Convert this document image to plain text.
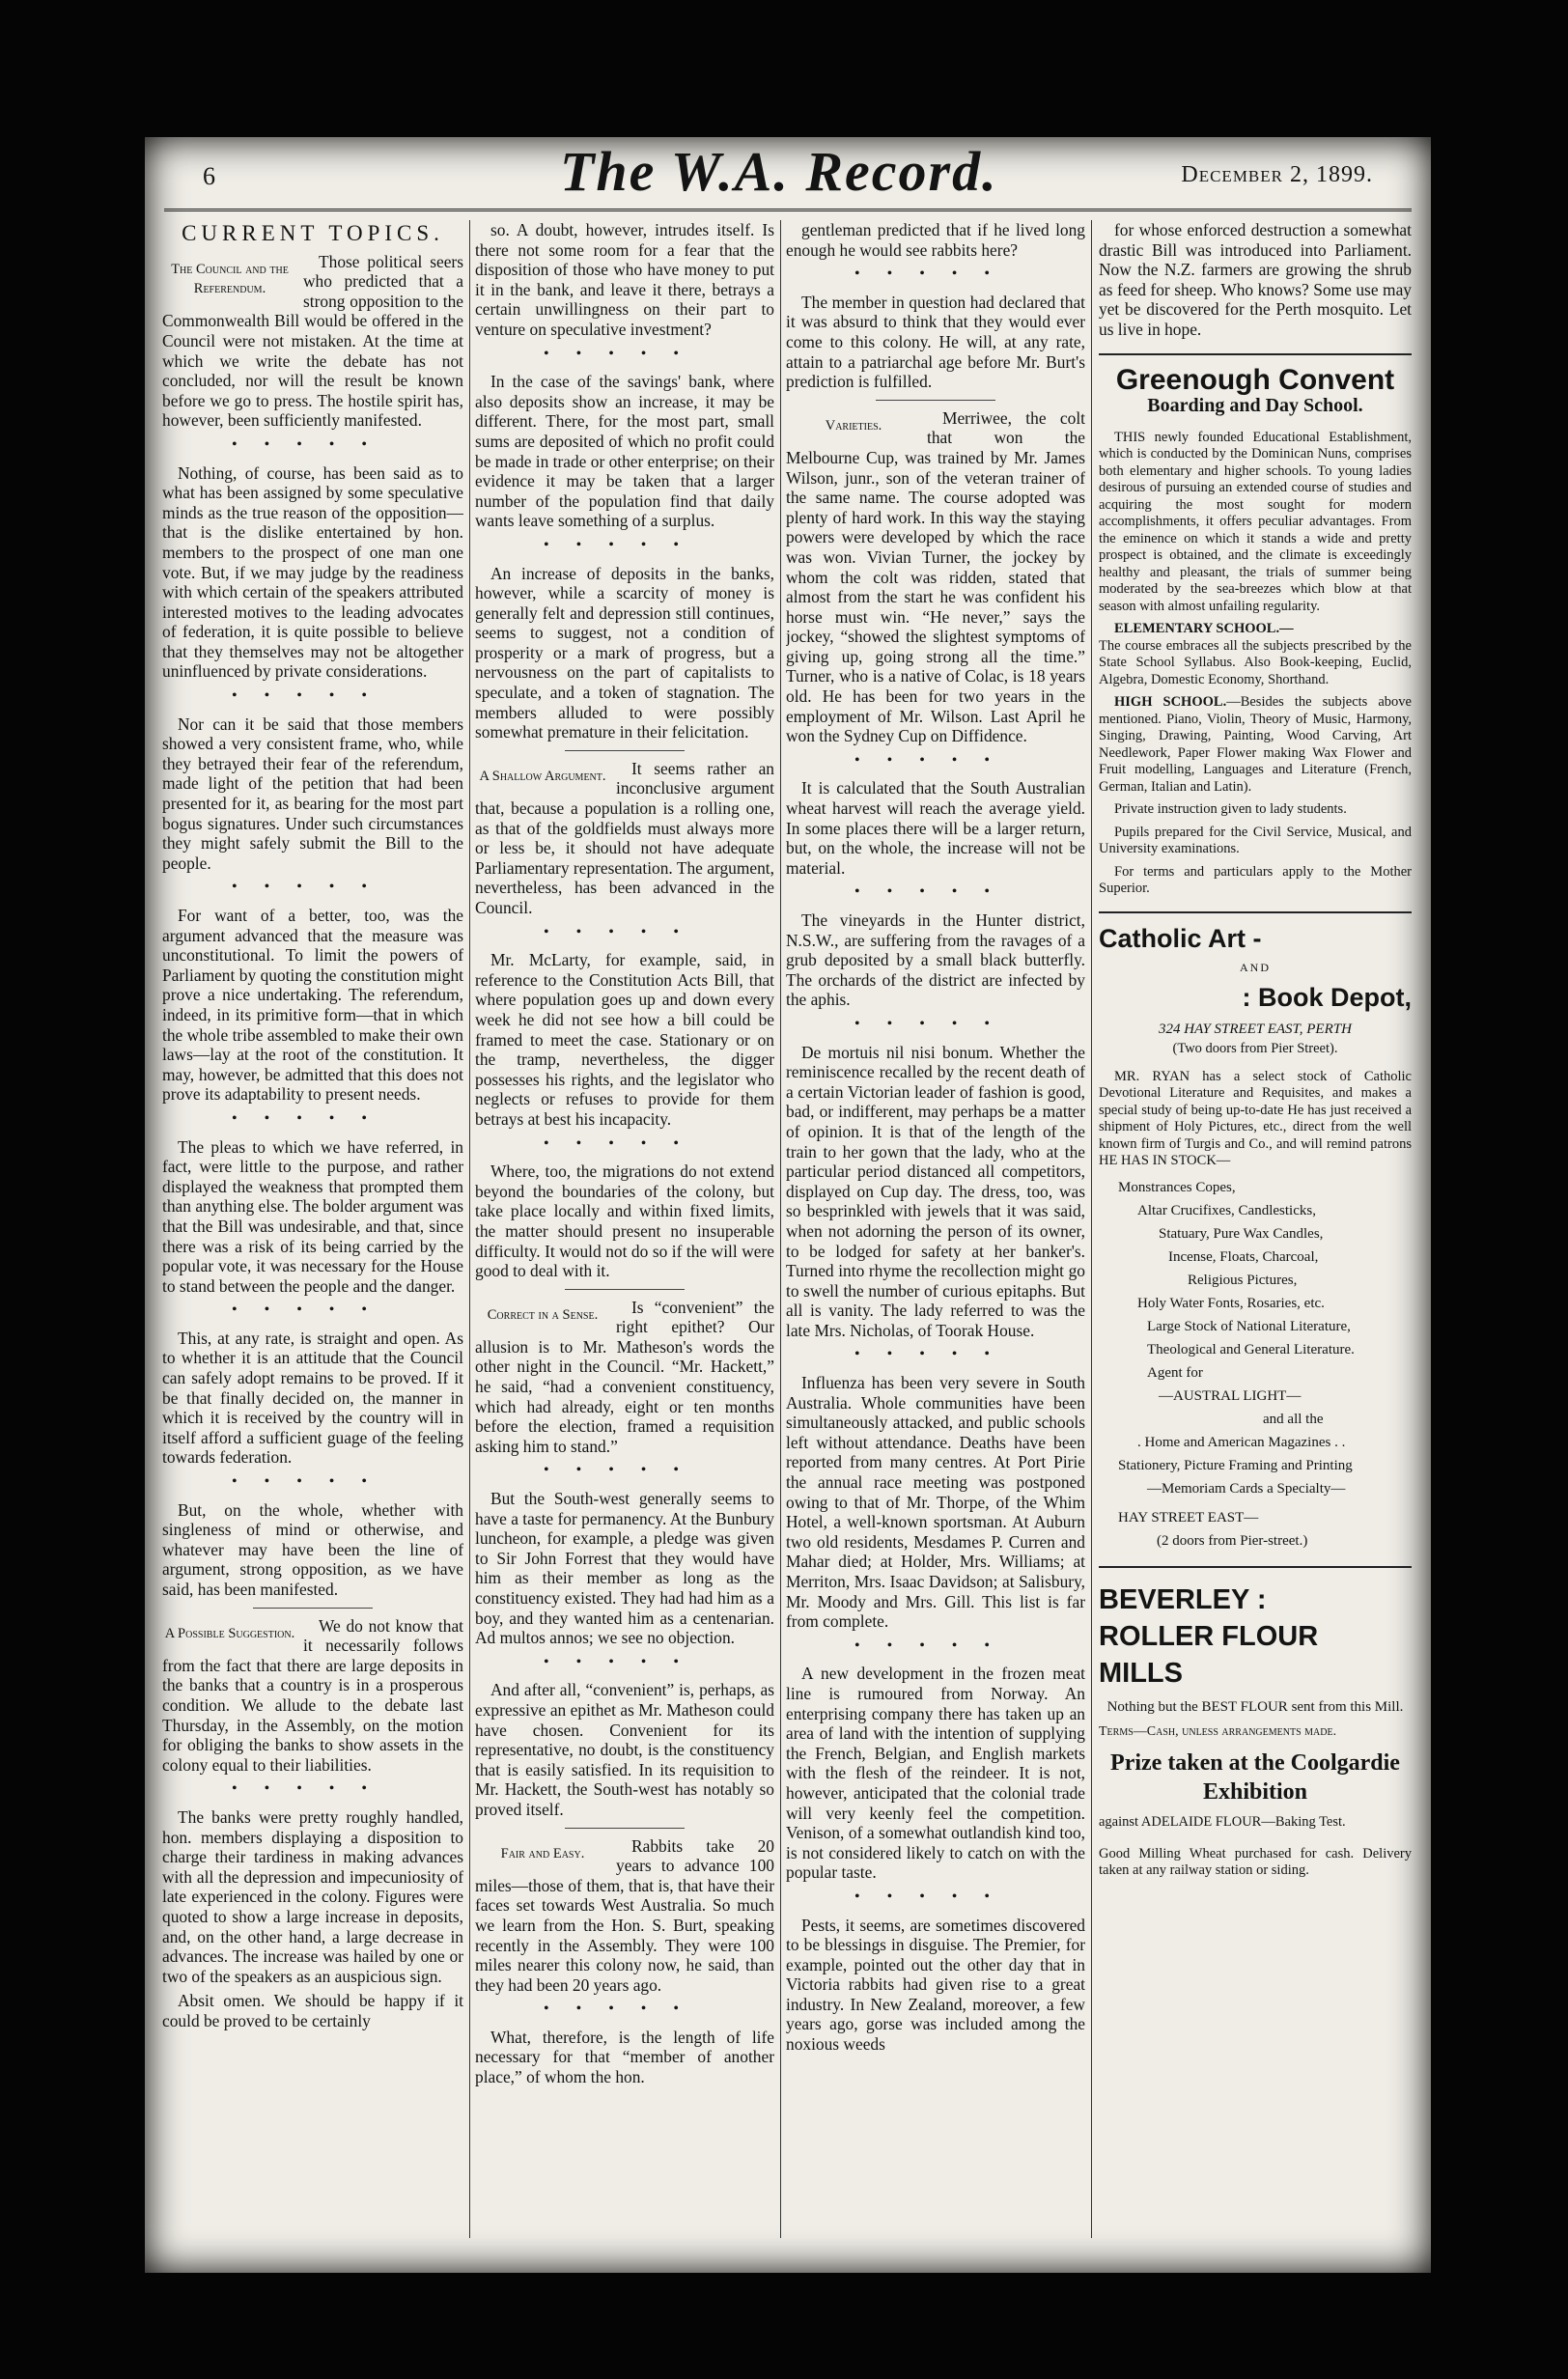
6	The W.A. Record.	December 2, 1899.
CURRENT TOPICS.
The Council and the Referendum.

Those political seers who predicted that a strong opposition to the Commonwealth Bill would be offered in the Council were not mistaken. At the time at which we write the debate has not concluded, nor will the result be known before we go to press. The hostile spirit has, however, been sufficiently manifested.

•••••

Nothing, of course, has been said as to what has been assigned by some speculative minds as the true reason of the opposition—that is the dislike entertained by hon. members to the prospect of one man one vote. But, if we may judge by the readiness with which certain of the speakers attributed interested motives to the leading advocates of federation, it is quite possible to believe that they themselves may not be altogether uninfluenced by private considerations.

•••••

Nor can it be said that those members showed a very consistent frame, who, while they betrayed their fear of the referendum, made light of the petition that had been presented for it, as bearing for the most part bogus signatures. Under such circumstances they might safely submit the Bill to the people.

•••••

For want of a better, too, was the argument advanced that the measure was unconstitutional. To limit the powers of Parliament by quoting the constitution might prove a nice undertaking. The referendum, indeed, in its primitive form—that in which the whole tribe assembled to make their own laws—lay at the root of the constitution. It may, however, be admitted that this does not prove its adaptability to present needs.

•••••

The pleas to which we have referred, in fact, were little to the purpose, and rather displayed the weakness that prompted them than anything else. The bolder argument was that the Bill was undesirable, and that, since there was a risk of its being carried by the popular vote, it was necessary for the House to stand between the people and the danger.

•••••

This, at any rate, is straight and open. As to whether it is an attitude that the Council can safely adopt remains to be proved. If it be that finally decided on, the manner in which it is received by the country will in itself afford a sufficient guage of the feeling towards federation.

•••••

But, on the whole, whether with singleness of mind or otherwise, and whatever may have been the line of argument, strong opposition, as we have said, has been manifested.

A Possible Suggestion.	We do not know that it necessarily follows from the fact that there are large deposits in the banks that a country is in a prosperous condition. We allude to the debate last Thursday, in the Assembly, on the motion for obliging the banks to show assets in the colony equal to their liabilities.

•••••

The banks were pretty roughly handled, hon. members displaying a disposition to charge their tardiness in making advances with all the depression and impecuniosity of late experienced in the colony. Figures were quoted to show a large increase in deposits, and, on the other hand, a large decrease in advances. The increase was hailed by one or two of the speakers as an auspicious sign.

Absit omen. We should be happy if it could be proved to be certainly

so. A doubt, however, intrudes itself. Is there not some room for a fear that the disposition of those who have money to put it in the bank, and leave it there, betrays a certain unwillingness on their part to venture on speculative investment?

•••••

In the case of the savings' bank, where also deposits show an increase, it may be different. There, for the most part, small sums are deposited of which no profit could be made in trade or other enterprise; on their evidence it may be taken that a larger number of the population find that daily wants leave something of a surplus.

•••••

An increase of deposits in the banks, however, while a scarcity of money is generally felt and depression still continues, seems to suggest, not a condition of prosperity or a mark of progress, but a nervousness on the part of capitalists to speculate, and a token of stagnation. The members alluded to were possibly somewhat premature in their felicitation.

A Shallow Argument.	It seems rather an inconclusive argument that, because a population is a rolling one, as that of the goldfields must always more or less be, it should not have adequate Parliamentary representation. The argument, nevertheless, has been advanced in the Council.

•••••

Mr. McLarty, for example, said, in reference to the Constitution Acts Bill, that where population goes up and down every week he did not see how a bill could be framed to meet the case. Stationary or on the tramp, nevertheless, the digger possesses his rights, and the legislator who neglects or refuses to provide for them betrays at best his incapacity.

•••••

Where, too, the migrations do not extend beyond the boundaries of the colony, but take place locally and within fixed limits, the matter should present no insuperable difficulty. It would not do so if the will were good to deal with it.

Correct in a Sense.	Is “convenient” the right epithet? Our allusion is to Mr. Matheson's words the other night in the Council. “Mr. Hackett,” he said, “had a convenient constituency, which had already, eight or ten months before the election, framed a requisition asking him to stand.”

•••••

But the South-west generally seems to have a taste for permanency. At the Bunbury luncheon, for example, a pledge was given to Sir John Forrest that they would have him as their member as long as the constituency existed. They had had him as a boy, and they wanted him as a centenarian. Ad multos annos; we see no objection.

•••••

And after all, “convenient” is, perhaps, as expressive an epithet as Mr. Matheson could have chosen. Convenient for its representative, no doubt, is the constituency that is easily satisfied. In its requisition to Mr. Hackett, the South-west has notably so proved itself.

Fair and Easy.	Rabbits take 20 years to advance 100 miles—those of them, that is, that have their faces set towards West Australia. So much we learn from the Hon. S. Burt, speaking recently in the Assembly. They were 100 miles nearer this colony now, he said, than they had been 20 years ago.

•••••

What, therefore, is the length of life necessary for that “member of another place,” of whom the hon.

gentleman predicted that if he lived long enough he would see rabbits here?

•••••

The member in question had declared that it was absurd to think that they would ever come to this colony. He will, at any rate, attain to a patriarchal age before Mr. Burt's prediction is fulfilled.

Varieties.	Merriwee, the colt that won the Melbourne Cup, was trained by Mr. James Wilson, junr., son of the veteran trainer of the same name. The course adopted was plenty of hard work. In this way the staying powers were developed by which the race was won. Vivian Turner, the jockey by whom the colt was ridden, stated that almost from the start he was confident his horse must win. “He never,” says the jockey, “showed the slightest symptoms of giving up, going strong all the time.” Turner, who is a native of Colac, is 18 years old. He has been for two years in the employment of Mr. Wilson. Last April he won the Sydney Cup on Diffidence.

•••••

It is calculated that the South Australian wheat harvest will reach the average yield. In some places there will be a larger return, but, on the whole, the increase will not be material.

•••••

The vineyards in the Hunter district, N.S.W., are suffering from the ravages of a grub deposited by a small black butterfly. The orchards of the district are infected by the aphis.

•••••

De mortuis nil nisi bonum. Whether the reminiscence recalled by the recent death of a certain Victorian leader of fashion is good, bad, or indifferent, may perhaps be a matter of opinion. It is that of the length of the train to her gown that the lady, who at the particular period distanced all competitors, displayed on Cup day. The dress, too, was so besprinkled with jewels that it was said, when not adorning the person of its owner, to be lodged for safety at her banker's. Turned into rhyme the recollection might go to swell the number of curious epitaphs. But all is vanity. The lady referred to was the late Mrs. Nicholas, of Toorak House.

•••••

Influenza has been very severe in South Australia. Whole communities have been simultaneously attacked, and public schools left without attendance. Deaths have been reported from many centres. At Port Pirie the annual race meeting was postponed owing to that of Mr. Thorpe, of the Whim Hotel, a well-known sportsman. At Auburn two old residents, Mesdames P. Curren and Mahar died; at Holder, Mrs. Williams; at Merriton, Mrs. Isaac Davidson; at Salisbury, Mr. Moody and Mrs. Gill. This list is far from complete.

•••••

A new development in the frozen meat line is rumoured from Norway. An enterprising company there has taken up an area of land with the intention of supplying the French, Belgian, and English markets with the flesh of the reindeer. It is not, however, anticipated that the colonial trade will very keenly feel the competition. Venison, of a somewhat outlandish kind too, is not considered likely to catch on with the popular taste.

•••••

Pests, it seems, are sometimes discovered to be blessings in disguise. The Premier, for example, pointed out the other day that in Victoria rabbits had given rise to a great industry. In New Zealand, moreover, a few years ago, gorse was included among the noxious weeds

for whose enforced destruction a somewhat drastic Bill was introduced into Parliament. Now the N.Z. farmers are growing the shrub as feed for sheep. Who knows? Some use may yet be discovered for the Perth mosquito. Let us live in hope.

Greenough Convent
Boarding and Day School.

THIS newly founded Educational Establishment, which is conducted by the Dominican Nuns, comprises both elementary and higher schools. To young ladies desirous of pursuing an extended course of studies and acquiring the most sought for modern accomplishments, it offers peculiar advantages. From the eminence on which it stands a wide and pretty prospect is obtained, and the climate is exceedingly healthy and pleasant, the trials of summer being moderated by the sea-breezes which blow at that season with almost unfailing regularity.

ELEMENTARY SCHOOL.—
The course embraces all the subjects prescribed by the State School Syllabus. Also Book-keeping, Euclid, Algebra, Domestic Economy, Shorthand.

HIGH SCHOOL.—Besides the subjects above mentioned. Piano, Violin, Theory of Music, Harmony, Singing, Drawing, Painting, Wood Carving, Art Needlework, Paper Flower making Wax Flower and Fruit modelling, Languages and Literature (French, German, Italian and Latin).

Private instruction given to lady students.

Pupils prepared for the Civil Service, Musical, and University examinations.

For terms and particulars apply to the Mother Superior.

Catholic Art -
AND
: Book Depot,
324 HAY STREET EAST, PERTH
(Two doors from Pier Street).

MR. RYAN has a select stock of Catholic Devotional Literature and Requisites, and makes a special study of being up-to-date He has just received a shipment of Holy Pictures, etc., direct from the well known firm of Turgis and Co., and will remind patrons HE HAS IN STOCK—

Monstrances Copes,
Altar Crucifixes, Candlesticks,
Statuary, Pure Wax Candles,
Incense, Floats, Charcoal,
Religious Pictures,
Holy Water Fonts, Rosaries, etc.
Large Stock of National Literature,
Theological and General Literature.
Agent for
—AUSTRAL LIGHT—
and all the
. Home and American Magazines . .
Stationery, Picture Framing and Printing
—Memoriam Cards a Specialty—
HAY STREET EAST—
(2 doors from Pier-street.)
BEVERLEY :
ROLLER FLOUR
MILLS
Nothing but the BEST FLOUR sent from this Mill.
Terms—Cash, unless arrangements made.
Prize taken at the Coolgardie Exhibition
against ADELAIDE FLOUR—Baking Test.
Good Milling Wheat purchased for cash. Delivery taken at any railway station or siding.
